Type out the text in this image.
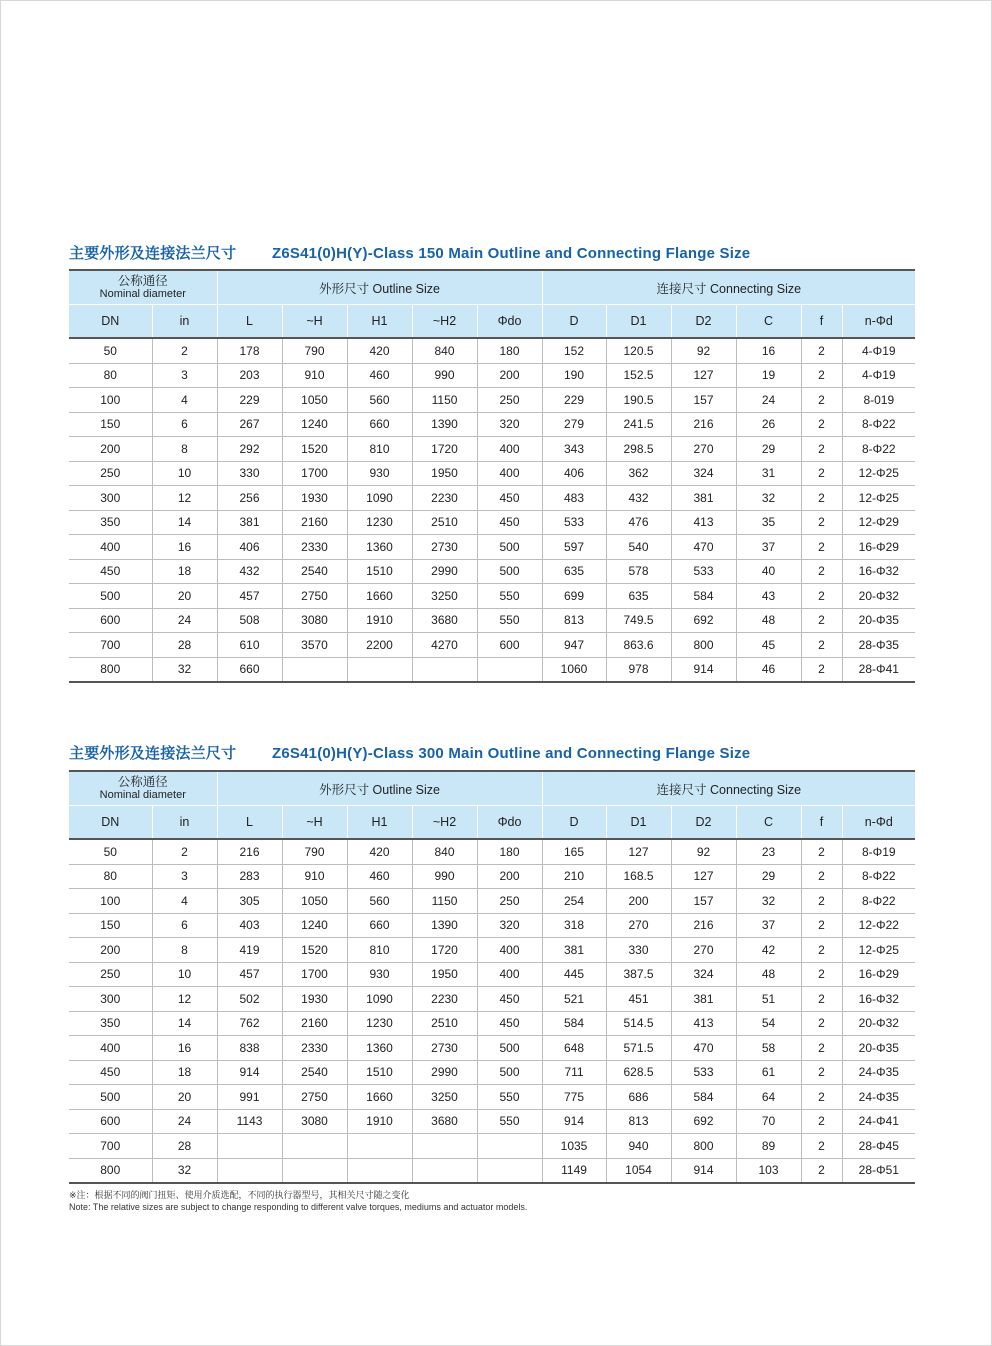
主要外形及连接法兰尺寸 Z6S41(0)H(Y)-Class 150 Main Outline and Connecting Flange Size
公称通径
Nominal diameter		外形尺寸 Outline Size					连接尺寸 Connecting Size					
DN	in	L	~H	H1	~H2	Φdo	D	D1	D2	C	f	n-Φd
50	2	178	790	420	840	180	152	120.5	92	16	2	4-Φ19
80	3	203	910	460	990	200	190	152.5	127	19	2	4-Φ19
100	4	229	1050	560	1150	250	229	190.5	157	24	2	8-019
150	6	267	1240	660	1390	320	279	241.5	216	26	2	8-Φ22
200	8	292	1520	810	1720	400	343	298.5	270	29	2	8-Φ22
250	10	330	1700	930	1950	400	406	362	324	31	2	12-Φ25
300	12	256	1930	1090	2230	450	483	432	381	32	2	12-Φ25
350	14	381	2160	1230	2510	450	533	476	413	35	2	12-Φ29
400	16	406	2330	1360	2730	500	597	540	470	37	2	16-Φ29
450	18	432	2540	1510	2990	500	635	578	533	40	2	16-Φ32
500	20	457	2750	1660	3250	550	699	635	584	43	2	20-Φ32
600	24	508	3080	1910	3680	550	813	749.5	692	48	2	20-Φ35
700	28	610	3570	2200	4270	600	947	863.6	800	45	2	28-Φ35
800	32	660					1060	978	914	46	2	28-Φ41
主要外形及连接法兰尺寸 Z6S41(0)H(Y)-Class 300 Main Outline and Connecting Flange Size
公称通径
Nominal diameter		外形尺寸 Outline Size					连接尺寸 Connecting Size					
DN	in	L	~H	H1	~H2	Φdo	D	D1	D2	C	f	n-Φd
50	2	216	790	420	840	180	165	127	92	23	2	8-Φ19
80	3	283	910	460	990	200	210	168.5	127	29	2	8-Φ22
100	4	305	1050	560	1150	250	254	200	157	32	2	8-Φ22
150	6	403	1240	660	1390	320	318	270	216	37	2	12-Φ22
200	8	419	1520	810	1720	400	381	330	270	42	2	12-Φ25
250	10	457	1700	930	1950	400	445	387.5	324	48	2	16-Φ29
300	12	502	1930	1090	2230	450	521	451	381	51	2	16-Φ32
350	14	762	2160	1230	2510	450	584	514.5	413	54	2	20-Φ32
400	16	838	2330	1360	2730	500	648	571.5	470	58	2	20-Φ35
450	18	914	2540	1510	2990	500	711	628.5	533	61	2	24-Φ35
500	20	991	2750	1660	3250	550	775	686	584	64	2	24-Φ35
600	24	1143	3080	1910	3680	550	914	813	692	70	2	24-Φ41
700	28						1035	940	800	89	2	28-Φ45
800	32						1149	1054	914	103	2	28-Φ51
※注：根据不同的阀门扭矩、使用介质选配，不同的执行器型号，其相关尺寸随之变化
Note: The relative sizes are subject to change responding to different valve torques, mediums and actuator models.
